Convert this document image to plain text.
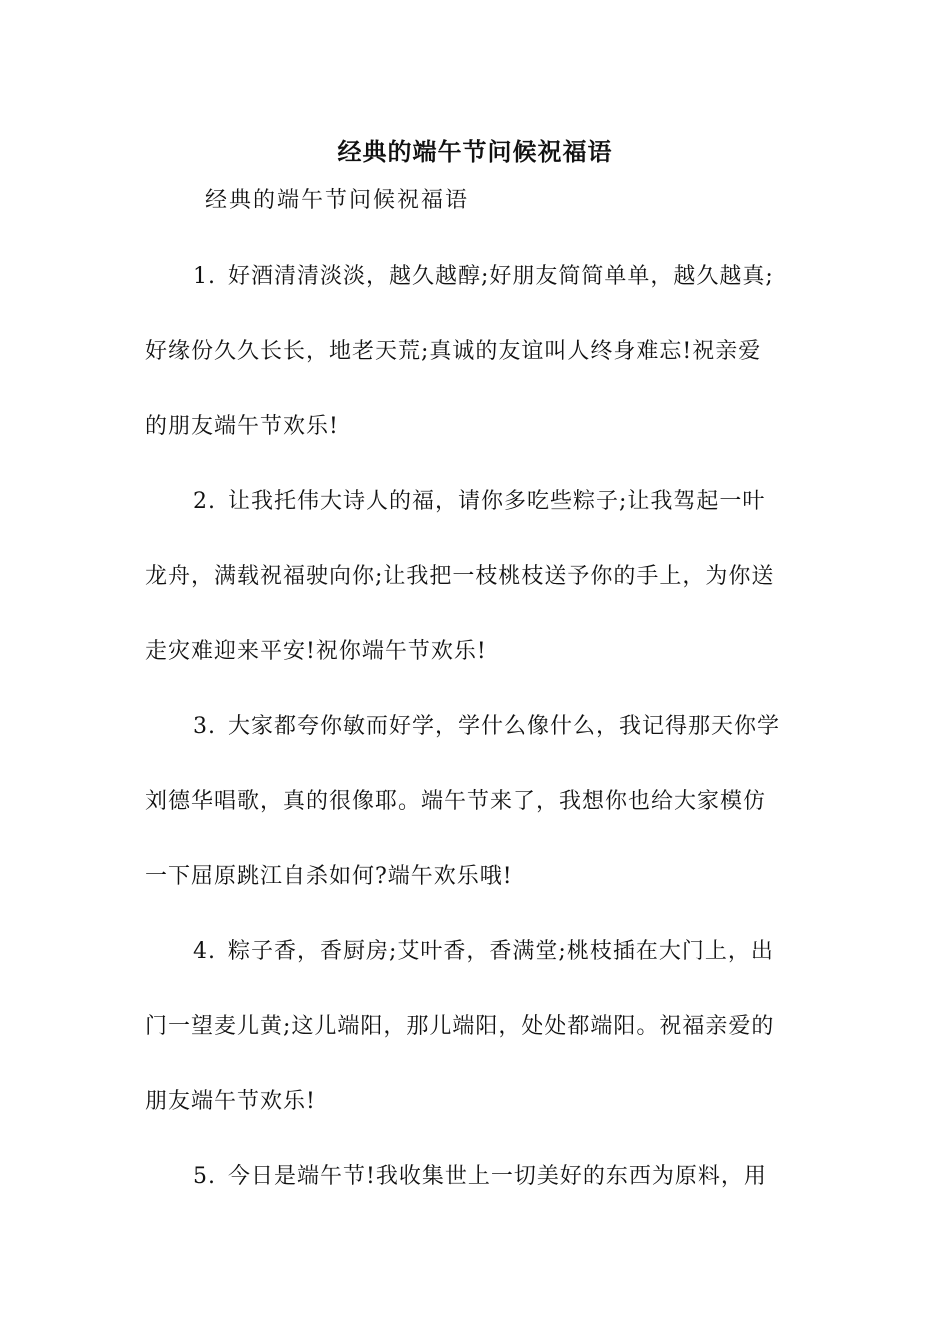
经典的端午节问候祝福语
经典的端午节问候祝福语
1. 好酒清清淡淡，越久越醇;好朋友简简单单，越久越真;
好缘份久久长长，地老天荒;真诚的友谊叫人终身难忘!祝亲爱
的朋友端午节欢乐!
2. 让我托伟大诗人的福，请你多吃些粽子;让我驾起一叶
龙舟，满载祝福驶向你;让我把一枝桃枝送予你的手上，为你送
走灾难迎来平安!祝你端午节欢乐!
3. 大家都夸你敏而好学，学什么像什么，我记得那天你学
刘德华唱歌，真的很像耶。端午节来了，我想你也给大家模仿
一下屈原跳江自杀如何?端午欢乐哦!
4. 粽子香，香厨房;艾叶香，香满堂;桃枝插在大门上，出
门一望麦儿黄;这儿端阳，那儿端阳，处处都端阳。祝福亲爱的
朋友端午节欢乐!
5. 今日是端午节!我收集世上一切美好的东西为原料，用
